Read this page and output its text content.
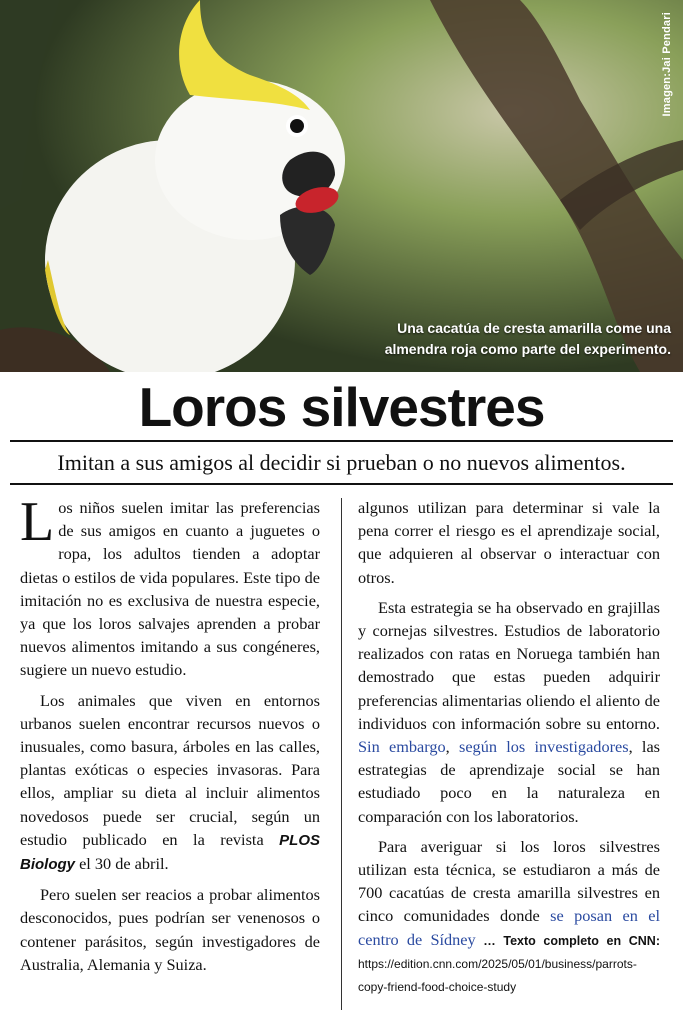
Imagen:Jai Pendari
Una cacatúa de cresta amarilla come una almendra roja como parte del experimento.
Loros silvestres
Imitan a sus amigos al decidir si prueban o no nuevos alimentos.

Los niños suelen imitar las preferencias de sus amigos en cuanto a juguetes o ropa, los adultos tienden a adoptar dietas o estilos de vida populares. Este tipo de imitación no es exclusiva de nuestra especie, ya que los loros salvajes aprenden a probar nuevos alimentos imitando a sus congéneres, sugiere un nuevo estudio.

Los animales que viven en entornos urbanos suelen encontrar recursos nuevos o inusuales, como basura, árboles en las calles, plantas exóticas o especies invasoras. Para ellos, ampliar su dieta al incluir alimentos novedosos puede ser crucial, según un estudio publicado en la revista PLOS Biology el 30 de abril.

Pero suelen ser reacios a probar alimentos desconocidos, pues podrían ser venenosos o contener parásitos, según investigadores de Australia, Alemania y Suiza.

algunos utilizan para determinar si vale la pena correr el riesgo es el aprendizaje social, que adquieren al observar o interactuar con otros.

Esta estrategia se ha observado en grajillas y cornejas silvestres. Estudios de laboratorio realizados con ratas en Noruega también han demostrado que estas pueden adquirir preferencias alimentarias oliendo el aliento de individuos con información sobre su entorno. Sin embargo, según los investigadores, las estrategias de aprendizaje social se han estudiado poco en la naturaleza en comparación con los laboratorios.

Para averiguar si los loros silvestres utilizan esta técnica, se estudiaron a más de 700 cacatúas de cresta amarilla silvestres en cinco comunidades donde se posan en el centro de Sídney … Texto completo en CNN: https://edition.cnn.com/2025/05/01/business/parrots-copy-friend-food-choice-study
